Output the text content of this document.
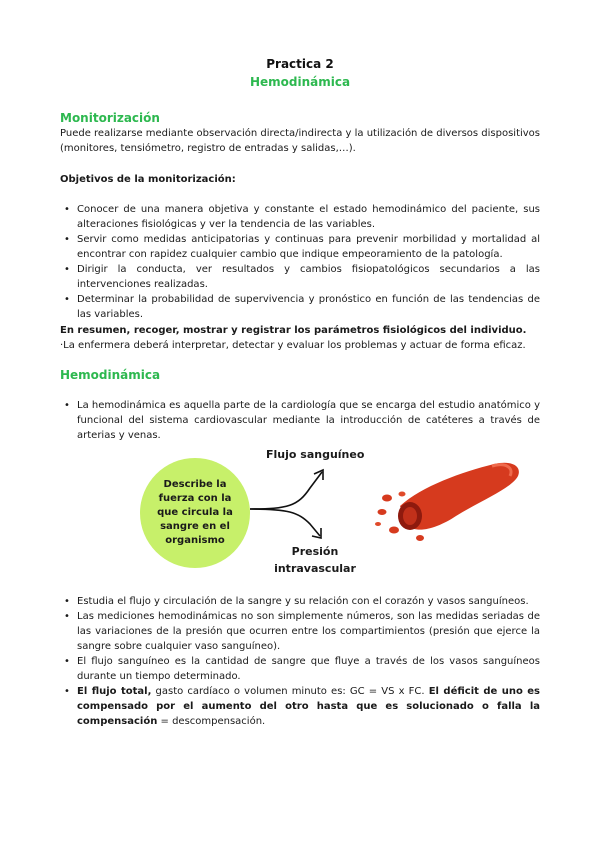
Practica 2
Hemodinámica
Monitorización
Puede realizarse mediante observación directa/indirecta y la utilización de diversos dispositivos (monitores, tensiómetro, registro de entradas y salidas,…).
Objetivos de la monitorización:
• Conocer de una manera objetiva y constante el estado hemodinámico del paciente, sus alteraciones fisiológicas y ver la tendencia de las variables.
• Servir como medidas anticipatorias y continuas para prevenir morbilidad y mortalidad al encontrar con rapidez cualquier cambio que indique empeoramiento de la patología.
• Dirigir la conducta, ver resultados y cambios fisiopatológicos secundarios a las intervenciones realizadas.
• Determinar la probabilidad de supervivencia y pronóstico en función de las tendencias de las variables.
En resumen, recoger, mostrar y registrar los parámetros fisiológicos del individuo.
·La enfermera deberá interpretar, detectar y evaluar los problemas y actuar de forma eficaz.
Hemodinámica
• La hemodinámica es aquella parte de la cardiología que se encarga del estudio anatómico y funcional del sistema cardiovascular mediante la introducción de catéteres a través de arterias y venas.
Describe la fuerza con la que circula la sangre en el organismo
Flujo sanguíneo
Presión
intravascular
• Estudia el flujo y circulación de la sangre y su relación con el corazón y vasos sanguíneos.
• Las mediciones hemodinámicas no son simplemente números, son las medidas seriadas de las variaciones de la presión que ocurren entre los compartimientos (presión que ejerce la sangre sobre cualquier vaso sanguíneo).
• El flujo sanguíneo es la cantidad de sangre que fluye a través de los vasos sanguíneos durante un tiempo determinado.
• El flujo total, gasto cardíaco o volumen minuto es: GC = VS x FC. El déficit de uno es compensado por el aumento del otro hasta que es solucionado o falla la compensación = descompensación.
